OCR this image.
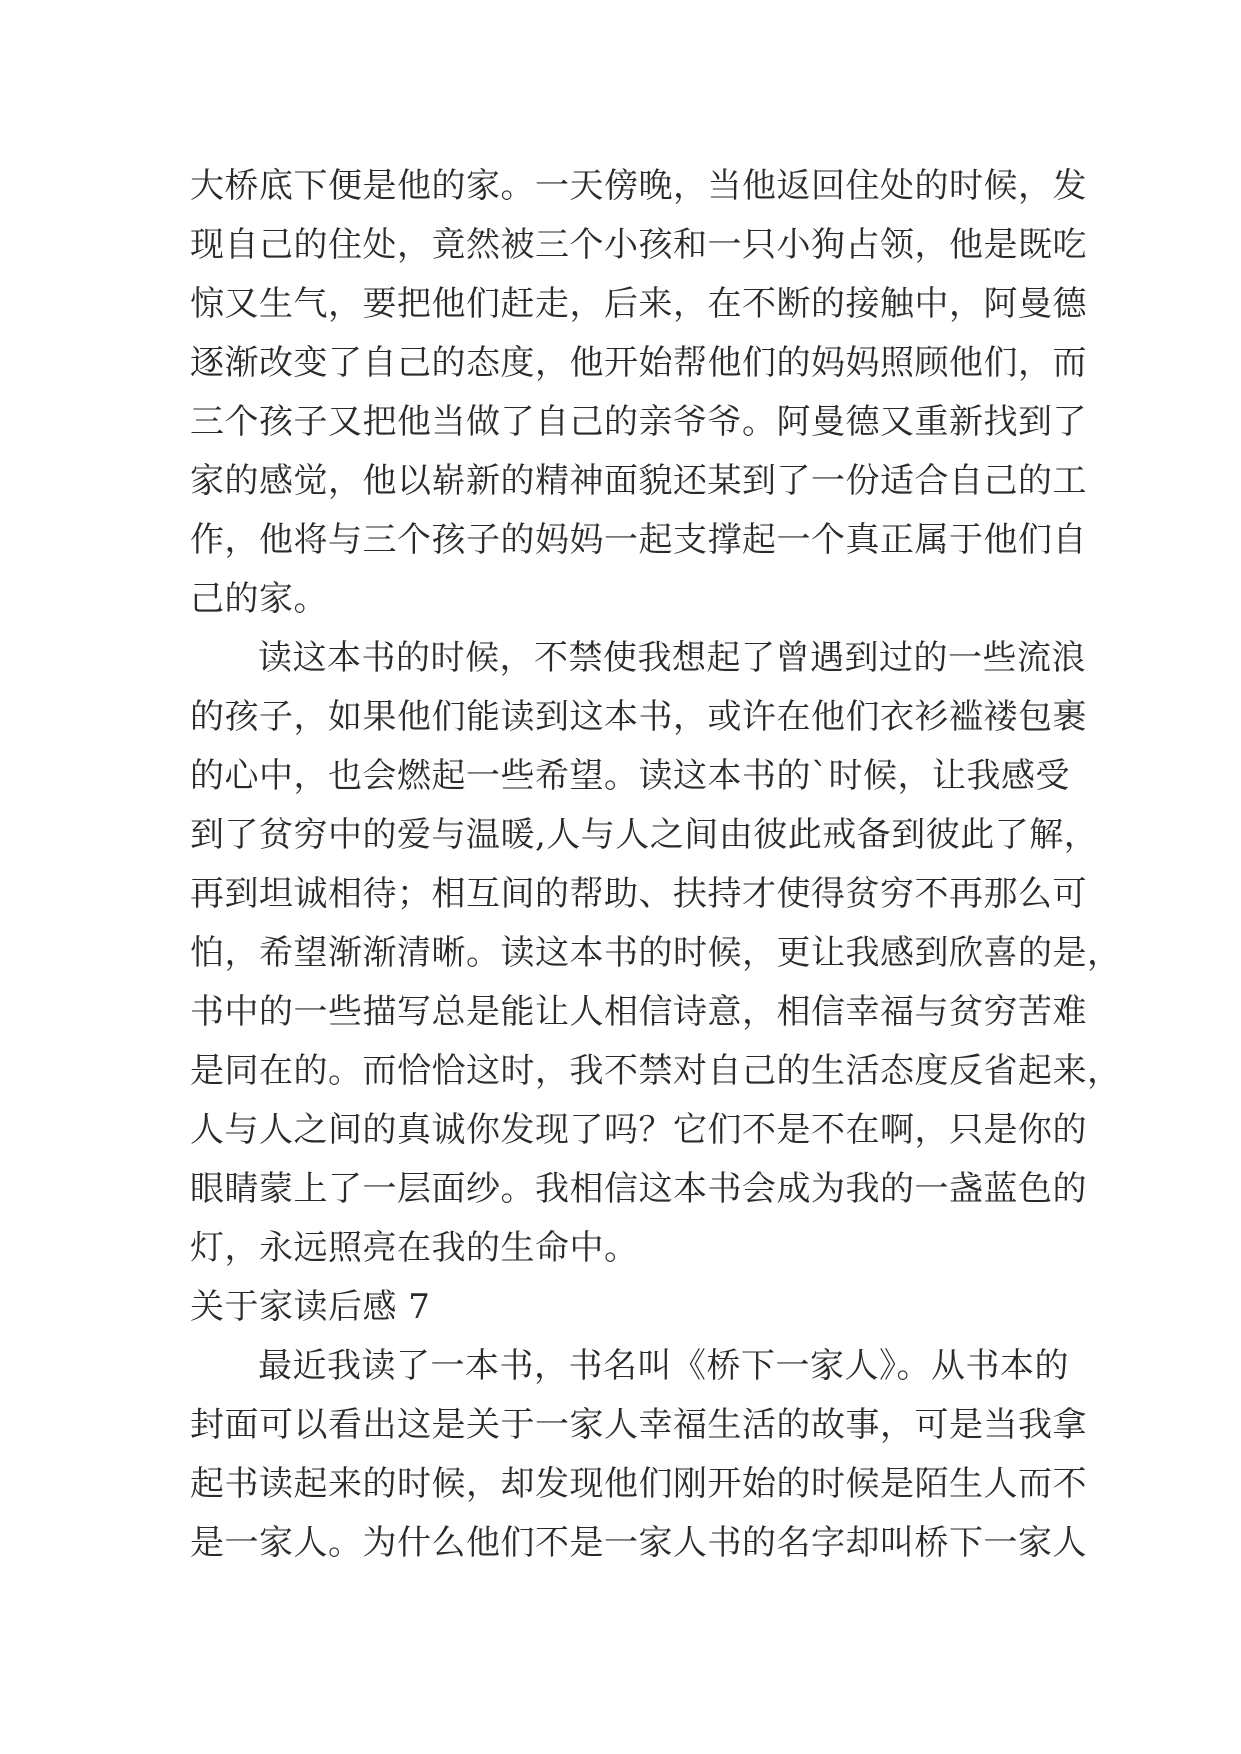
大桥底下便是他的家。一天傍晚，当他返回住处的时候，发
现自己的住处，竟然被三个小孩和一只小狗占领，他是既吃
惊又生气，要把他们赶走，后来，在不断的接触中，阿曼德
逐渐改变了自己的态度，他开始帮他们的妈妈照顾他们，而
三个孩子又把他当做了自己的亲爷爷。阿曼德又重新找到了
家的感觉，他以崭新的精神面貌还某到了一份适合自己的工
作，他将与三个孩子的妈妈一起支撑起一个真正属于他们自
己的家。
读这本书的时候，不禁使我想起了曾遇到过的一些流浪
的孩子，如果他们能读到这本书，或许在他们衣衫褴褛包裹
的心中，也会燃起一些希望。读这本书的`时候，让我感受
到了贫穷中的爱与温暖,人与人之间由彼此戒备到彼此了解，
再到坦诚相待；相互间的帮助、扶持才使得贫穷不再那么可
怕，希望渐渐清晰。读这本书的时候，更让我感到欣喜的是，
书中的一些描写总是能让人相信诗意，相信幸福与贫穷苦难
是同在的。而恰恰这时，我不禁对自己的生活态度反省起来，
人与人之间的真诚你发现了吗？它们不是不在啊，只是你的
眼睛蒙上了一层面纱。我相信这本书会成为我的一盏蓝色的
灯，永远照亮在我的生命中。
关于家读后感 7
最近我读了一本书，书名叫《桥下一家人》。从书本的
封面可以看出这是关于一家人幸福生活的故事，可是当我拿
起书读起来的时候，却发现他们刚开始的时候是陌生人而不
是一家人。为什么他们不是一家人书的名字却叫桥下一家人
